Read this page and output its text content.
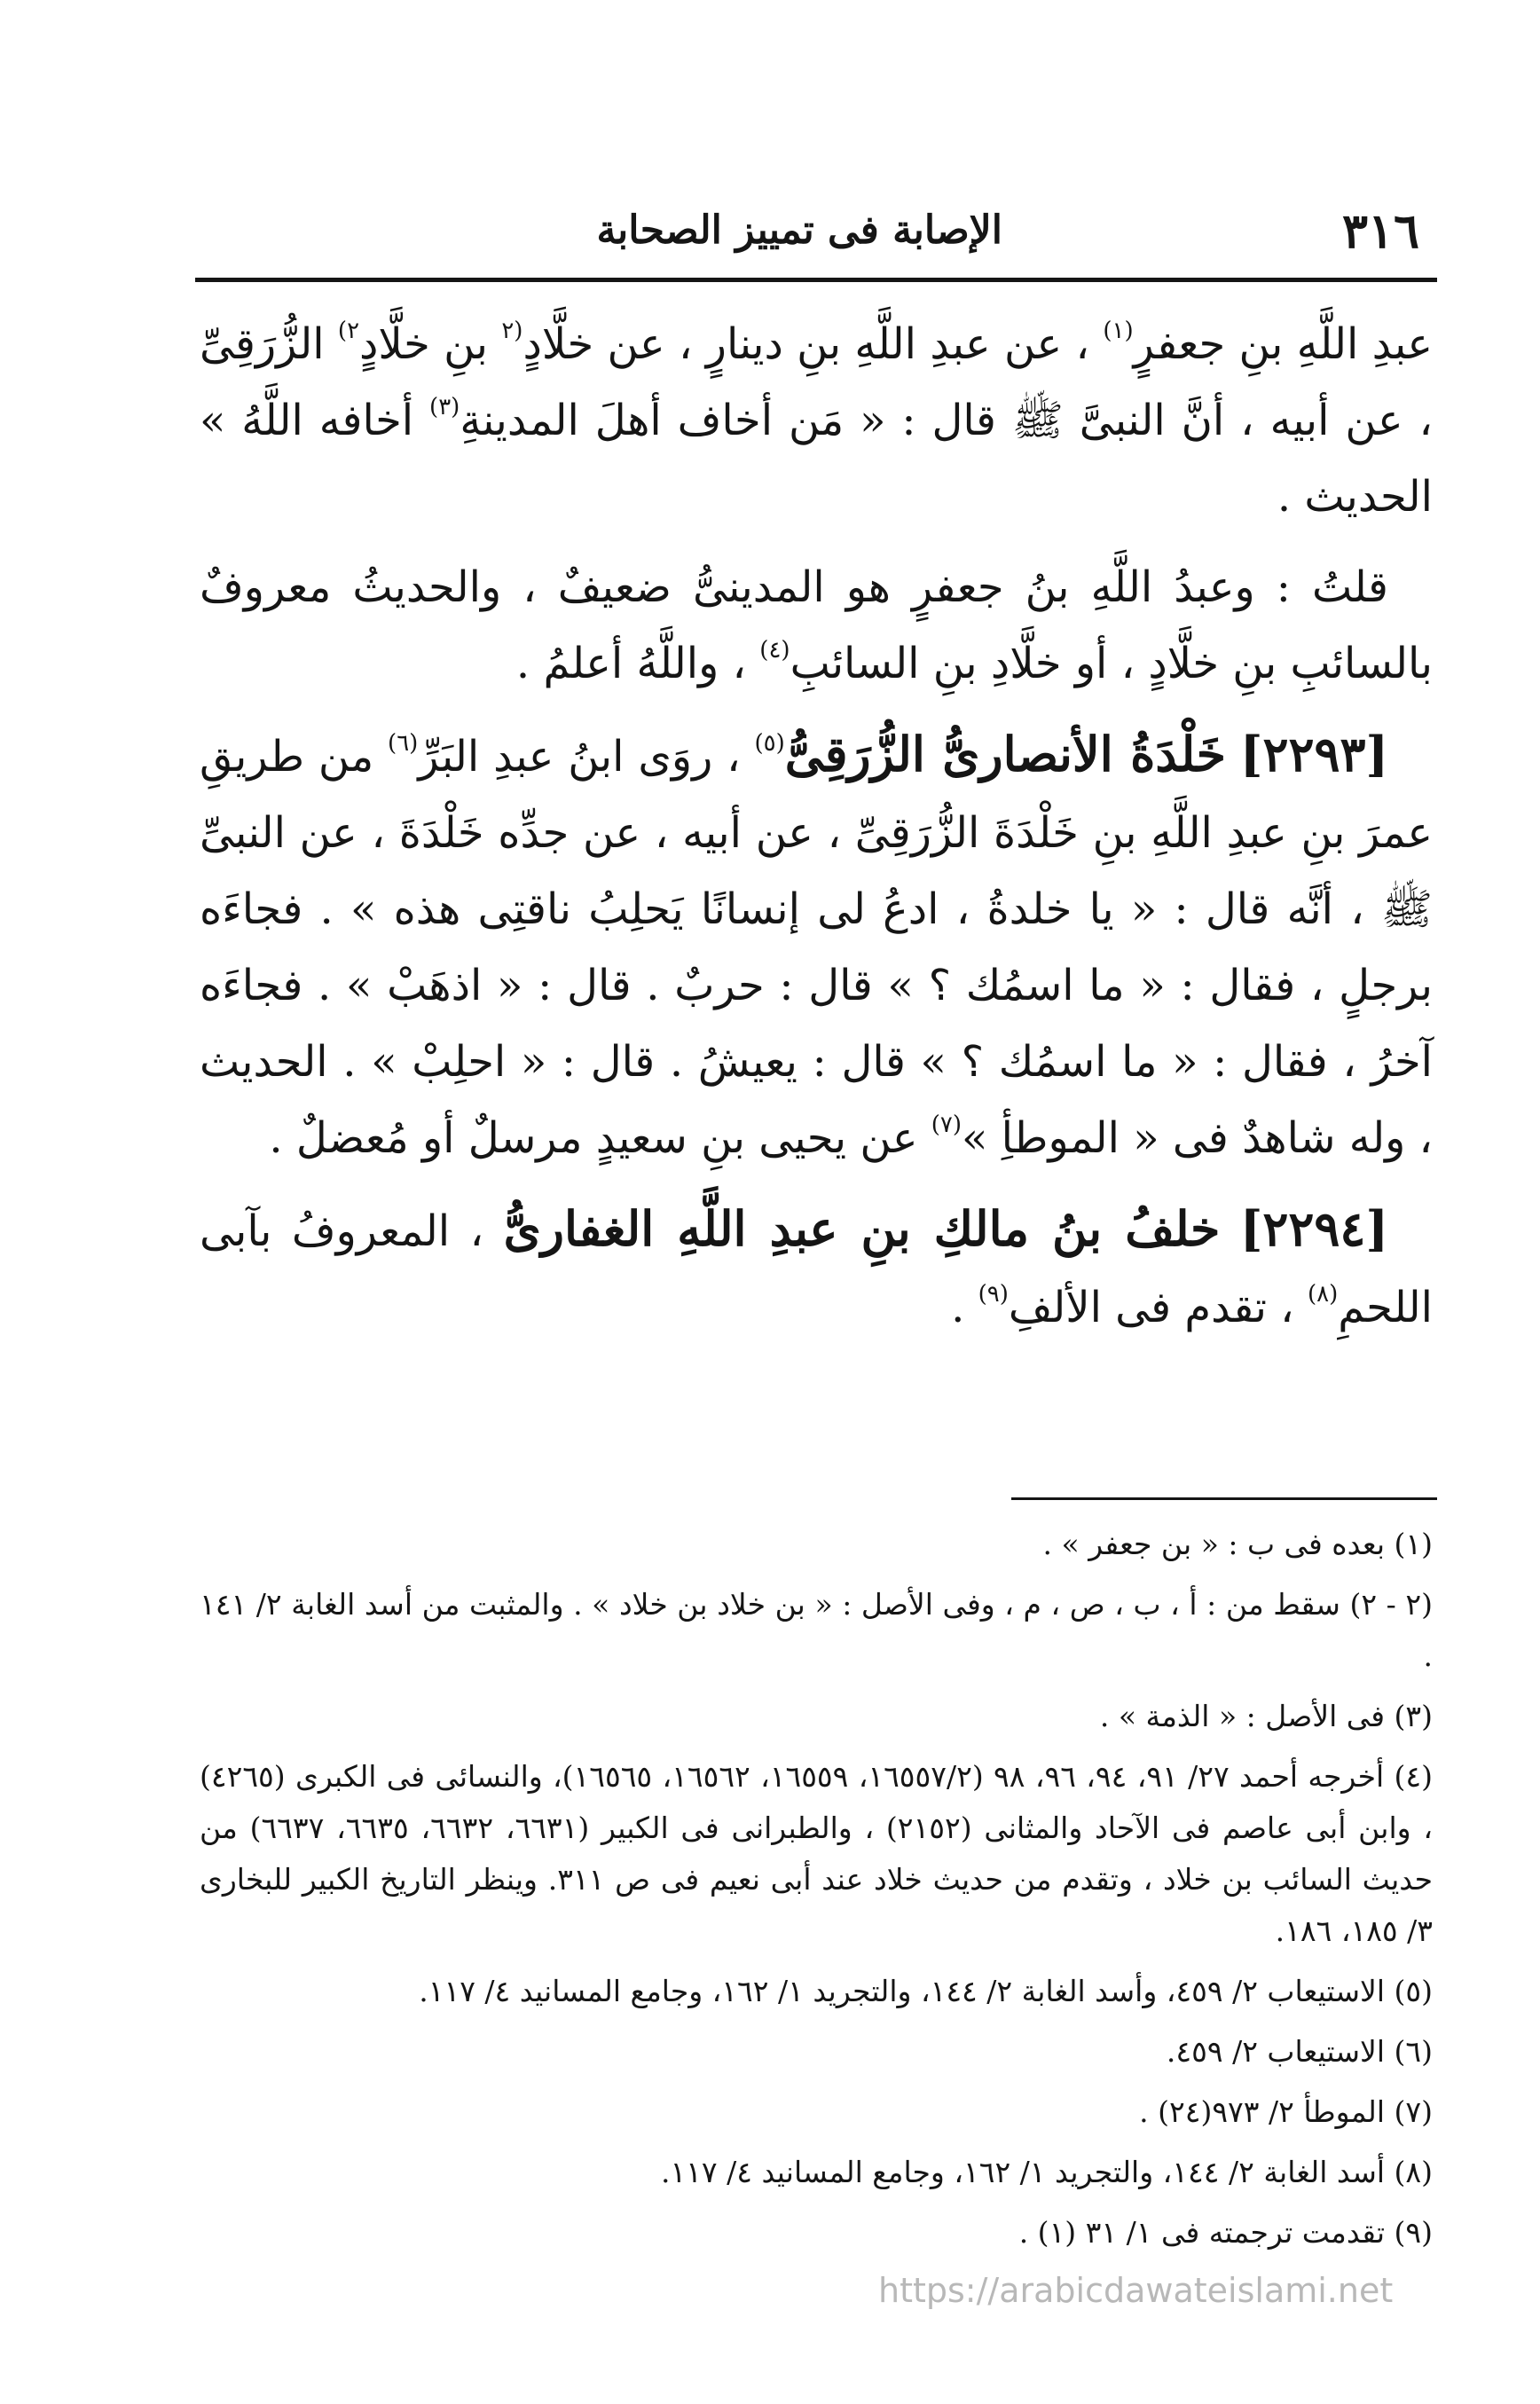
٣١٦
الإصابة فى تمييز الصحابة

عبدِ اللَّهِ بنِ جعفرٍ$^{(١)}$ ، عن عبدِ اللَّهِ بنِ دينارٍ ، عن خلَّادٍ$^{(٢}$ بنِ خلَّادٍ$^{٢)}$ الزُّرَقِىِّ ، عن أبيه ، أنَّ النبىَّ ﷺ قال : « مَن أخاف أهلَ المدينةِ$^{(٣)}$ أخافه اللَّهُ » الحديث .

قلتُ : وعبدُ اللَّهِ بنُ جعفرٍ هو المدينىُّ ضعيفٌ ، والحديثُ معروفٌ بالسائبِ بنِ خلَّادٍ ، أو خلَّادِ بنِ السائبِ$^{(٤)}$ ، واللَّهُ أعلمُ .

[٢٢٩٣] خَلْدَةُ الأنصارىُّ الزُّرَقِىُّ$^{(٥)}$ ، روَى ابنُ عبدِ البَرِّ$^{(٦)}$ من طريقِ عمرَ بنِ عبدِ اللَّهِ بنِ خَلْدَةَ الزُّرَقِىِّ ، عن أبيه ، عن جدِّه خَلْدَةَ ، عن النبىِّ ﷺ ، أنَّه قال : « يا خلدةُ ، ادعُ لى إنسانًا يَحلِبُ ناقتِى هذه » . فجاءَه برجلٍ ، فقال : « ما اسمُك ؟ » قال : حربٌ . قال : « اذهَبْ » . فجاءَه آخرُ ، فقال : « ما اسمُك ؟ » قال : يعيشُ . قال : « احلِبْ » . الحديث ، وله شاهدٌ فى « الموطأِ »$^{(٧)}$ عن يحيى بنِ سعيدٍ مرسلٌ أو مُعضلٌ .

[٢٢٩٤] خلفُ بنُ مالكِ بنِ عبدِ اللَّهِ الغفارىُّ ، المعروفُ بآبى اللحمِ$^{(٨)}$ ، تقدم فى الألفِ$^{(٩)}$ .

(١) بعده فى ب : « بن جعفر » .

(٢ - ٢) سقط من : أ ، ب ، ص ، م ، وفى الأصل : « بن خلاد بن خلاد » . والمثبت من أسد الغابة ٢/ ١٤١ .

(٣) فى الأصل : « الذمة » .

(٤) أخرجه أحمد ٢٧/ ٩١، ٩٤، ٩٦، ٩٨ (١٦٥٥٧/٢، ١٦٥٥٩، ١٦٥٦٢، ١٦٥٦٥)، والنسائى فى الكبرى (٤٢٦٥) ، وابن أبى عاصم فى الآحاد والمثانى (٢١٥٢) ، والطبرانى فى الكبير (٦٦٣١، ٦٦٣٢، ٦٦٣٥، ٦٦٣٧) من حديث السائب بن خلاد ، وتقدم من حديث خلاد عند أبى نعيم فى ص ٣١١. وينظر التاريخ الكبير للبخارى ٣/ ١٨٥، ١٨٦.

(٥) الاستيعاب ٢/ ٤٥٩، وأسد الغابة ٢/ ١٤٤، والتجريد ١/ ١٦٢، وجامع المسانيد ٤/ ١١٧.

(٦) الاستيعاب ٢/ ٤٥٩.

(٧) الموطأ ٢/ ٩٧٣(٢٤) .

(٨) أسد الغابة ٢/ ١٤٤، والتجريد ١/ ١٦٢، وجامع المسانيد ٤/ ١١٧.

(٩) تقدمت ترجمته فى ١/ ٣١ (١) .

https://arabicdawateislami.net
